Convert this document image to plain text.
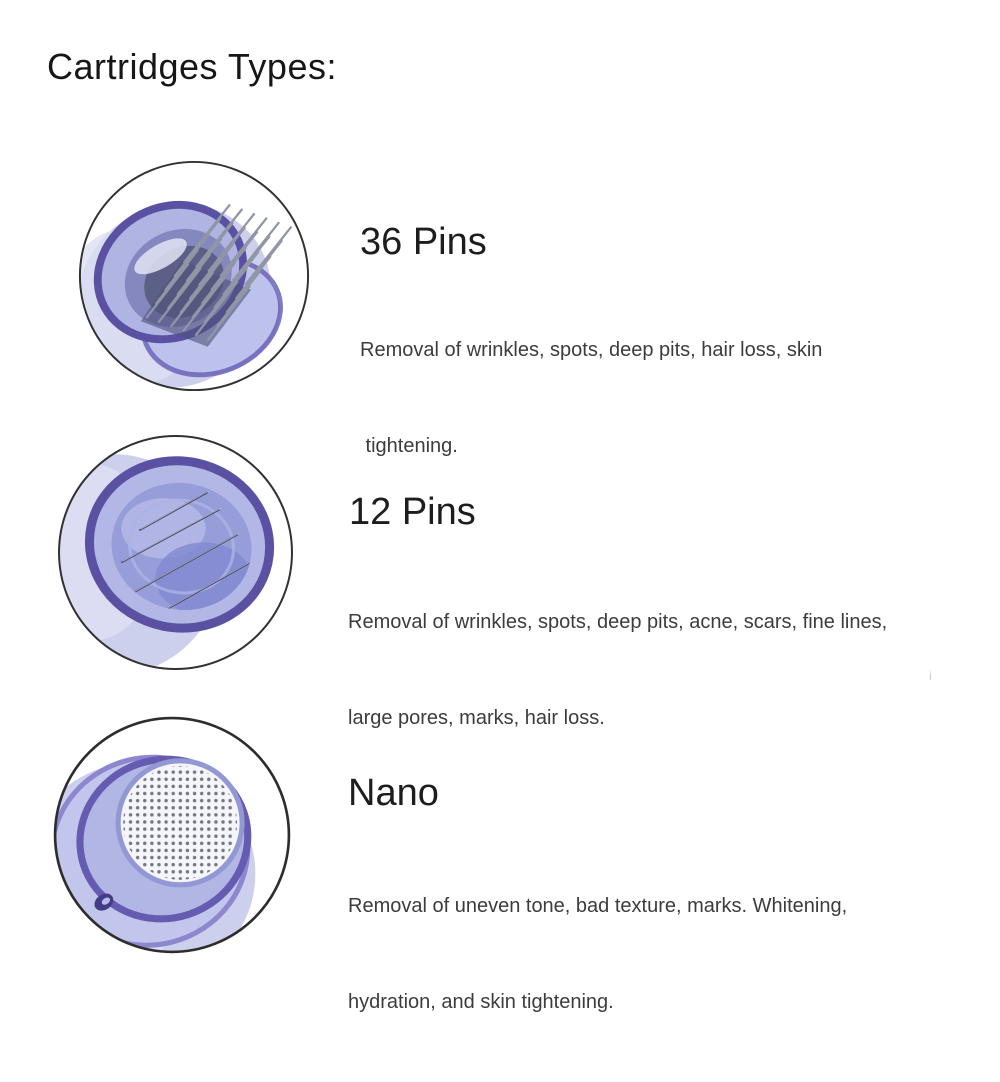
Cartridges Types:
36 Pins

Removal of wrinkles, spots, deep pits, hair loss, skin

tightening.

12 Pins

Removal of wrinkles, spots, deep pits, acne, scars, fine lines,

large pores, marks, hair loss.

Nano

Removal of uneven tone, bad texture, marks. Whitening,

hydration, and skin tightening.

i
